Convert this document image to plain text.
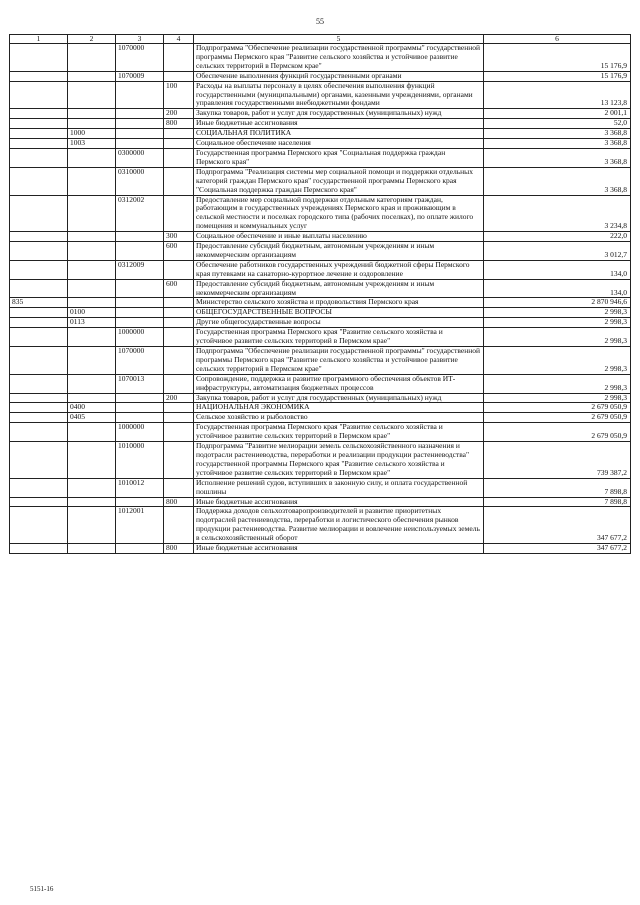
55
1	2	3	4	5	6
		1070000		Подпрограмма "Обеспечение реализации государственной программы" государственной программы Пермского края "Развитие сельского хозяйства и устойчивое развитие сельских территорий в Пермском крае"	15 176,9
		1070009		Обеспечение выполнения функций государственными органами	15 176,9
			100	Расходы на выплаты персоналу в целях обеспечения выполнения функций государственными (муниципальными) органами, казенными учреждениями, органами управления государственными внебюджетными фондами	13 123,8
			200	Закупка товаров, работ и услуг для государственных (муниципальных) нужд	2 001,1
			800	Иные бюджетные ассигнования	52,0
	1000			СОЦИАЛЬНАЯ ПОЛИТИКА	3 368,8
	1003			Социальное обеспечение населения	3 368,8
		0300000		Государственная программа Пермского края "Социальная поддержка граждан Пермского края"	3 368,8
		0310000		Подпрограмма "Реализация системы мер социальной помощи и поддержки отдельных категорий граждан Пермского края" государственной программы Пермского края "Социальная поддержка граждан Пермского края"	3 368,8
		0312002		Предоставление мер социальной поддержки отдельным категориям граждан, работающим в государственных учреждениях Пермского края и проживающим в сельской местности и поселках городского типа (рабочих поселках), по оплате жилого помещения и коммунальных услуг	3 234,8
			300	Социальное обеспечение и иные выплаты населению	222,0
			600	Предоставление субсидий бюджетным, автономным учреждениям и иным некоммерческим организациям	3 012,7
		0312009		Обеспечение работников государственных учреждений бюджетной сферы Пермского края путевками на санаторно-курортное лечение и оздоровление	134,0
			600	Предоставление субсидий бюджетным, автономным учреждениям и иным некоммерческим организациям	134,0
835				Министерство сельского хозяйства и продовольствия Пермского края	2 870 946,6
	0100			ОБЩЕГОСУДАРСТВЕННЫЕ ВОПРОСЫ	2 998,3
	0113			Другие общегосударственные вопросы	2 998,3
		1000000		Государственная программа Пермского края "Развитие сельского хозяйства и устойчивое развитие сельских территорий в Пермском крае"	2 998,3
		1070000		Подпрограмма "Обеспечение реализации государственной программы" государственной программы Пермского края "Развитие сельского хозяйства и устойчивое развитие сельских территорий в Пермском крае"	2 998,3
		1070013		Сопровождение, поддержка и развитие программного обеспечения объектов ИТ-инфраструктуры, автоматизация бюджетных процессов	2 998,3
			200	Закупка товаров, работ и услуг для государственных (муниципальных) нужд	2 998,3
	0400			НАЦИОНАЛЬНАЯ ЭКОНОМИКА	2 679 050,9
	0405			Сельское хозяйство и рыболовство	2 679 050,9
		1000000		Государственная программа Пермского края "Развитие сельского хозяйства и устойчивое развитие сельских территорий в Пермском крае"	2 679 050,9
		1010000		Подпрограмма "Развитие мелиорации земель сельскохозяйственного назначения и подотрасли растениеводства, переработки и реализации продукции растениеводства" государственной программы Пермского края "Развитие сельского хозяйства и устойчивое развитие сельских территорий в Пермском крае"	739 387,2
		1010012		Исполнение решений судов, вступивших в законную силу, и оплата государственной пошлины	7 898,8
			800	Иные бюджетные ассигнования	7 898,8
		1012001		Поддержка доходов сельхозтоваропроизводителей и развитие приоритетных подотраслей растениеводства, переработки и логистического обеспечения рынков продукции растениеводства. Развитие мелиорации и вовлечение неиспользуемых земель в сельскохозяйственный оборот	347 677,2
			800	Иные бюджетные ассигнования	347 677,2
5151-16
